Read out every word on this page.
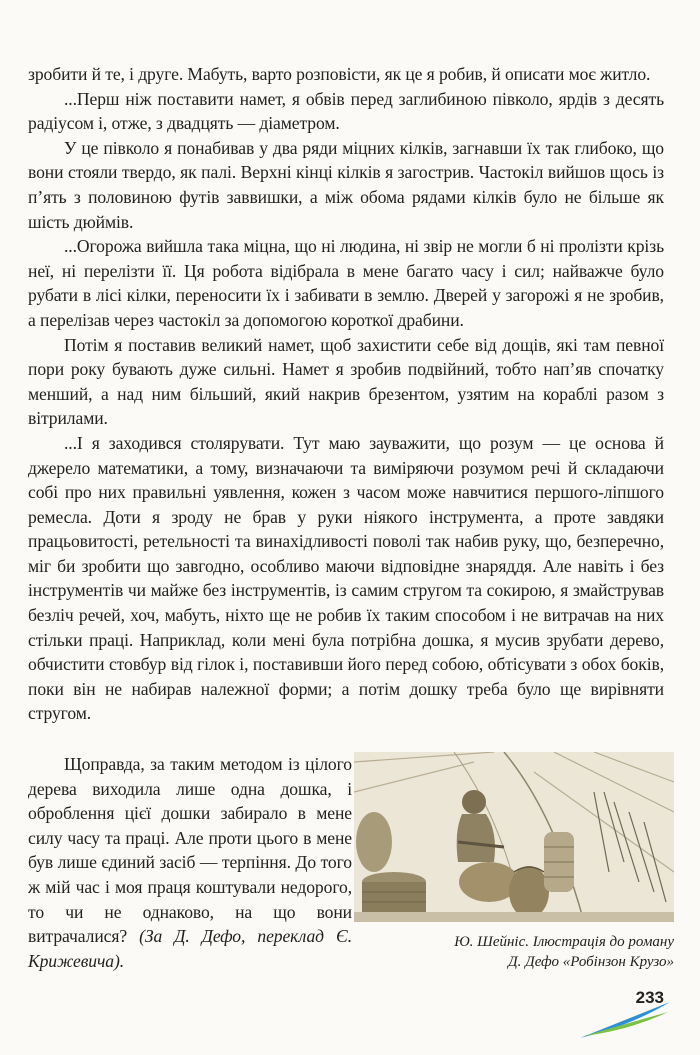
зробити й те, і друге. Мабуть, варто розповісти, як це я робив, й описати моє житло.

...Перш ніж поставити намет, я обвів перед заглибиною півколо, ярдів з десять радіусом і, отже, з двадцять — діаметром.

У це півколо я понабивав у два ряди міцних кілків, загнавши їх так глибоко, що вони стояли твердо, як палі. Верхні кінці кілків я загострив. Частокіл вийшов щось із п’ять з половиною футів заввишки, а між обома рядами кілків було не більше як шість дюймів.

...Огорожа вийшла така міцна, що ні людина, ні звір не могли б ні пролізти крізь неї, ні перелізти її. Ця робота відібрала в мене багато часу і сил; найважче було рубати в лісі кілки, переносити їх і забивати в землю. Дверей у загорожі я не зробив, а перелізав через частокіл за допомогою короткої драбини.

Потім я поставив великий намет, щоб захистити себе від дощів, які там певної пори року бувають дуже сильні. Намет я зробив подвійний, тобто нап’яв спочатку менший, а над ним більший, який накрив брезентом, узятим на кораблі разом з вітрилами.

...І я заходився столярувати. Тут маю зауважити, що розум — це основа й джерело математики, а тому, визначаючи та виміряючи розумом речі й складаючи собі про них правильні уявлення, кожен з часом може навчитися першого-ліпшого ремесла. Доти я зроду не брав у руки ніякого інструмента, а проте завдяки працьовитості, ретельності та винахідливості поволі так набив руку, що, безперечно, міг би зробити що завгодно, особливо маючи відповідне знаряддя. Але навіть і без інструментів чи майже без інструментів, із самим стругом та сокирою, я змайстрував безліч речей, хоч, мабуть, ніхто ще не робив їх таким способом і не витрачав на них стільки праці. Наприклад, коли мені була потрібна дошка, я мусив зрубати дерево, обчистити стовбур від гілок і, поставивши його перед собою, обтісувати з обох боків, поки він не набирав належної форми; а потім дошку треба було ще вирівняти стругом.

Щоправда, за таким методом із цілого дерева виходила лише одна дошка, і оброблення цієї дошки забирало в мене силу часу та праці. Але проти цього в мене був лише єдиний засіб — терпіння. До того ж мій час і моя праця коштували недорого, то чи не однаково, на що вони витрачалися? (За Д. Дефо, переклад Є. Крижевича).

Ю. Шейніс. Ілюстрація до роману
Д. Дефо «Робінзон Крузо»
233
